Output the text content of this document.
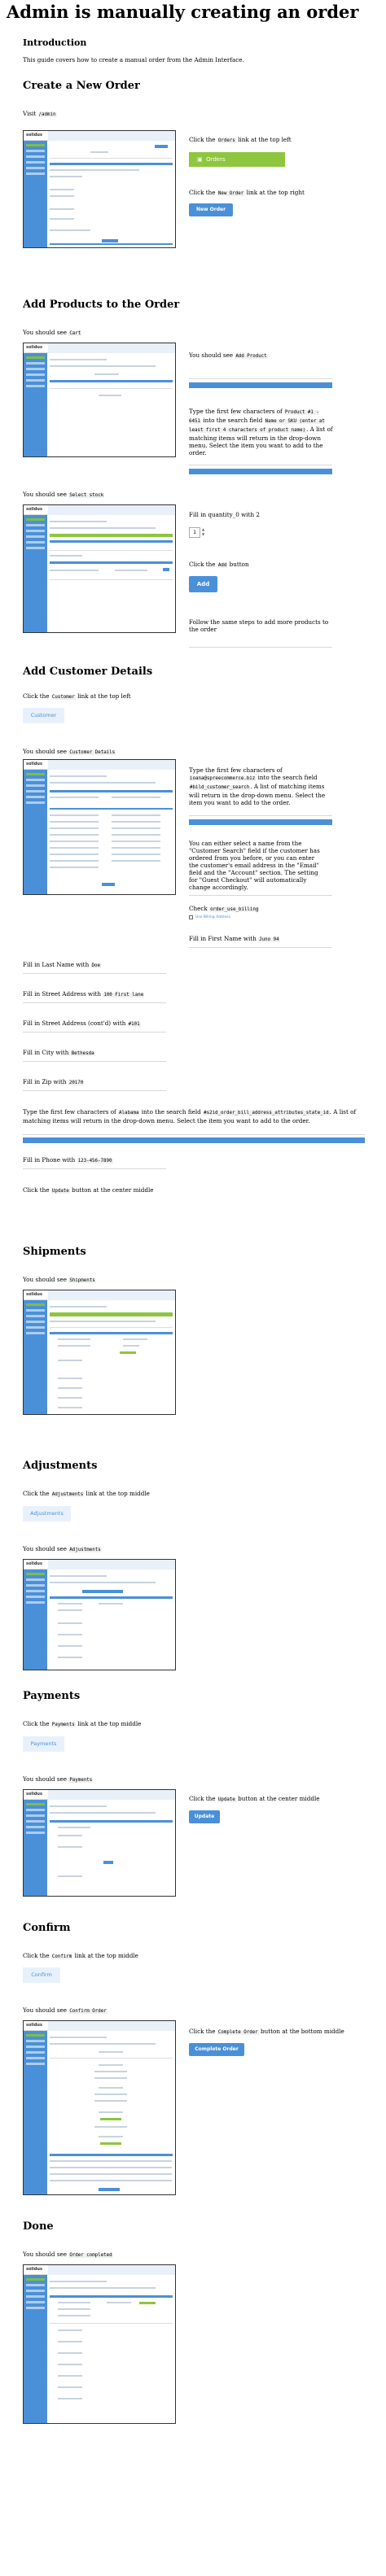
Admin is manually creating an order
Introduction

This guide covers how to create a manual order from the Admin Interface.

Create a New Order

Visit /admin

solidus

Click the Orders link at the top left

▣ Orders

Click the New Order link at the top right

New Order
Add Products to the Order

You should see Cart

solidus

You should see Add Product

Type the first few characters of Product #1 - 6451 into the search field Name or SKU (enter at least first 4 characters of product name). A list of matching items will return in the drop-down menu. Select the item you want to add to the order.

You should see Select stock

solidus

Fill in quantity_0 with 2

1
▲
▼

Click the Add button

Add

Follow the same steps to add more products to the order

Add Customer Details

Click the Customer link at the top left

Customer

You should see Customer Details

solidus

Type the first few characters of ioana@spreecommerce.biz into the search field #bild_customer_search. A list of matching items will return in the drop-down menu. Select the item you want to add to the order.

You can either select a name from the "Customer Search" field if the customer has ordered from you before, or you can enter the customer's email address in the "Email" field and the "Account" section. The setting for "Guest Checkout" will automatically change accordingly.

Check order_use_billing

Use Billing Address

Fill in First Name with Juno 94

Fill in Last Name with Doe

Fill in Street Address with 100 First lane

Fill in Street Address (cont'd) with #101

Fill in City with Bethesda

Fill in Zip with 20170

Type the first few characters of Alabama into the search field #s2id_order_bill_address_attributes_state_id. A list of matching items will return in the drop-down menu. Select the item you want to add to the order.

Fill in Phone with 123-456-7890

Click the Update button at the center middle

Shipments

You should see Shipments

solidus
Adjustments

Click the Adjustments link at the top middle

Adjustments

You should see Adjustments

solidus
Payments

Click the Payments link at the top middle

Payments

You should see Payments

solidus

Click the Update button at the center middle

Update
Confirm

Click the Confirm link at the top middle

Confirm

You should see Confirm Order

solidus

Click the Complete Order button at the bottom middle

Complete Order
Done

You should see Order completed

solidus
